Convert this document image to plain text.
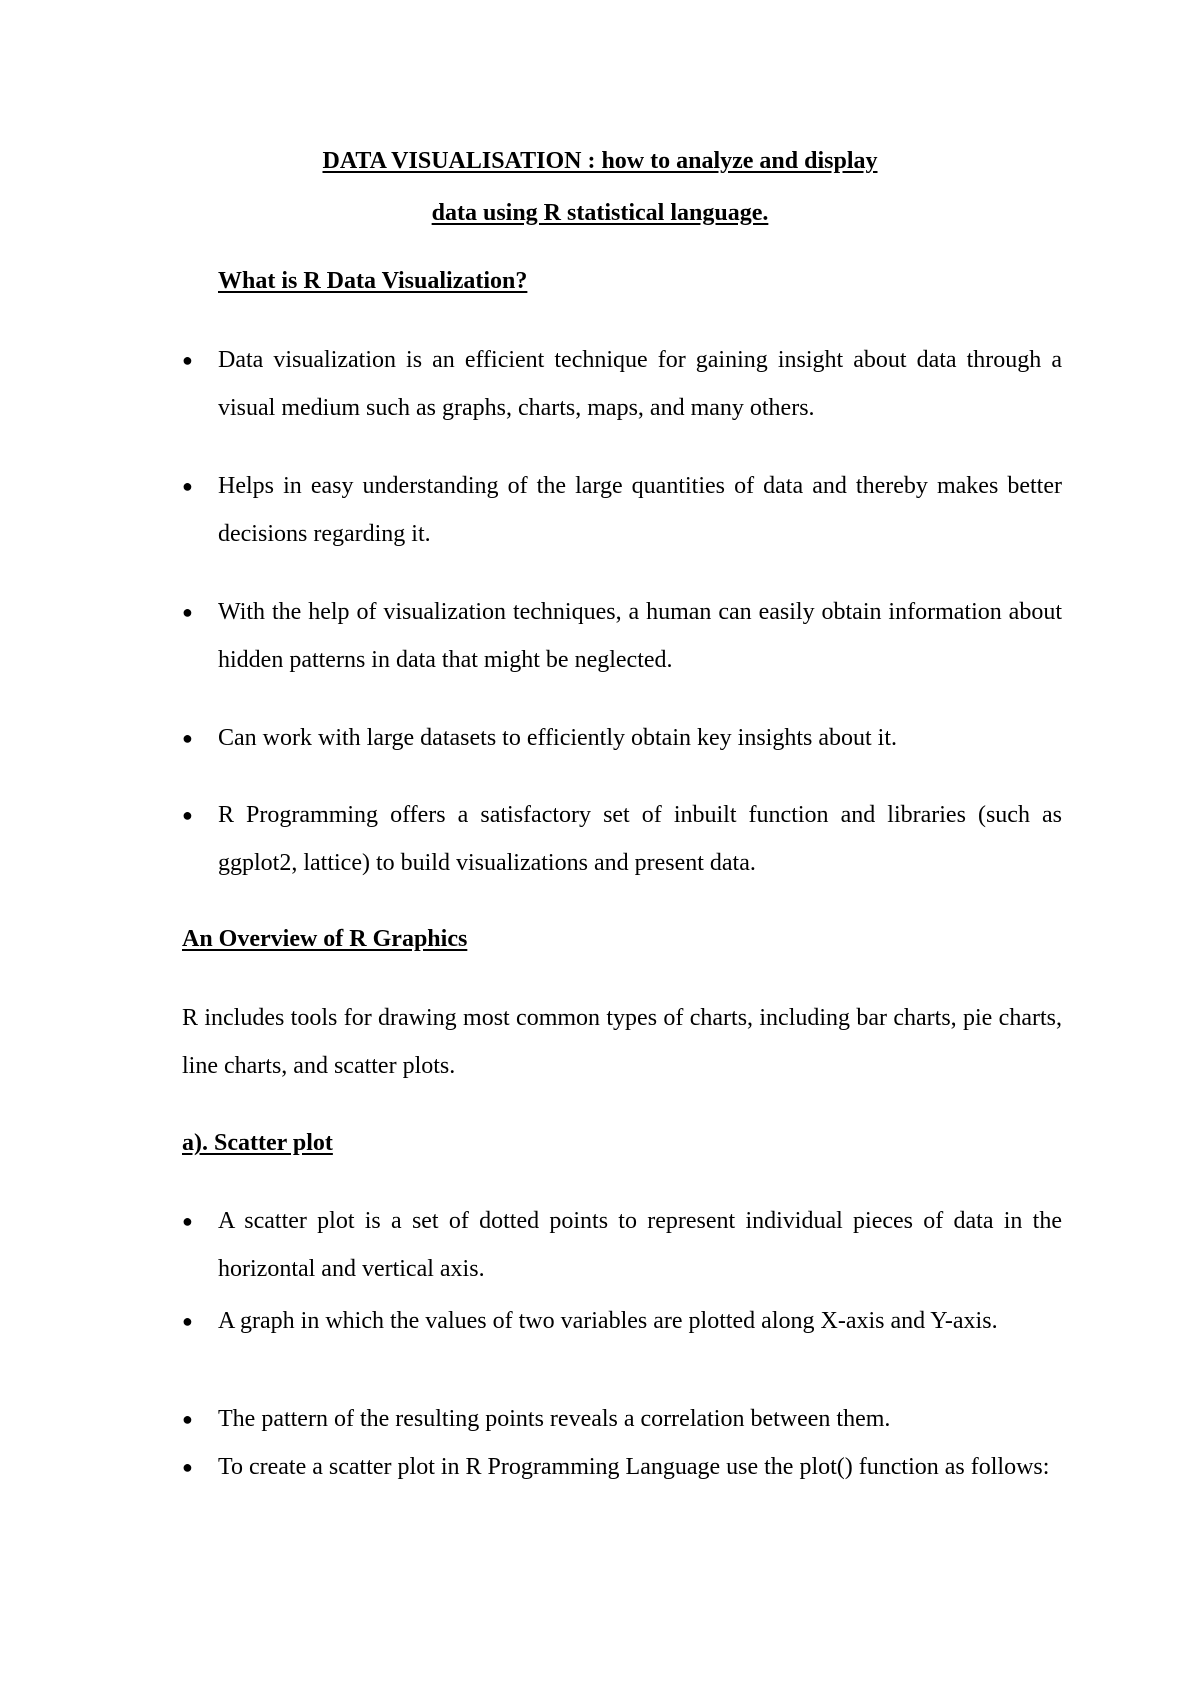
DATA VISUALISATION : how to analyze and display
data using R statistical language.
What is R Data Visualization?
●	Data visualization is an efficient technique for gaining insight about data through a visual medium such as graphs, charts, maps, and many others.
●	Helps in easy understanding of the large quantities of data and thereby makes better decisions regarding it.
●	With the help of visualization techniques, a human can easily obtain information about hidden patterns in data that might be neglected.
●	Can work with large datasets to efficiently obtain key insights about it.
●	R Programming offers a satisfactory set of inbuilt function and libraries (such as ggplot2, lattice) to build visualizations and present data.
An Overview of R Graphics
R includes tools for drawing most common types of charts, including bar charts, pie charts, line charts, and scatter plots.
a). Scatter plot
●	A scatter plot is a set of dotted points to represent individual pieces of data in the horizontal and vertical axis.
●	A graph in which the values of two variables are plotted along X-axis and Y-axis.
●	The pattern of the resulting points reveals a correlation between them.
●	To create a scatter plot in R Programming Language use the plot() function as follows:
